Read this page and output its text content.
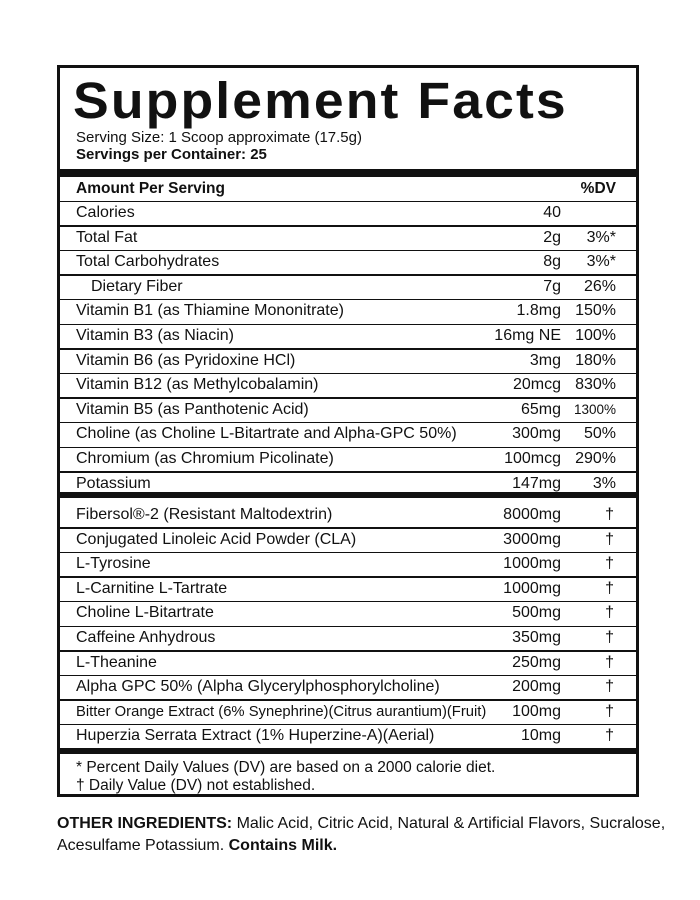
Supplement Facts
Serving Size: 1 Scoop approximate (17.5g)
Servings per Container: 25
Amount Per Serving	%DV
Calories	40
Total Fat	2g 3%*
Total Carbohydrates	8g 3%*
Dietary Fiber	7g 26%
Vitamin B1 (as Thiamine Mononitrate)	1.8mg 150%
Vitamin B3 (as Niacin)	16mg NE 100%
Vitamin B6 (as Pyridoxine HCl)	3mg 180%
Vitamin B12 (as Methylcobalamin)	20mcg 830%
Vitamin B5 (as Panthotenic Acid)	65mg 1300%
Choline (as Choline L-Bitartrate and Alpha-GPC 50%)	300mg 50%
Chromium (as Chromium Picolinate)	100mcg 290%
Potassium	147mg 3%
Fibersol®-2 (Resistant Maltodextrin)	8000mg	†
Conjugated Linoleic Acid Powder (CLA)	3000mg	†
L-Tyrosine	1000mg	†
L-Carnitine L-Tartrate	1000mg	†
Choline L-Bitartrate	500mg	†
Caffeine Anhydrous	350mg	†
L-Theanine	250mg	†
Alpha GPC 50% (Alpha Glycerylphosphorylcholine)	200mg	†
Bitter Orange Extract (6% Synephrine)(Citrus aurantium)(Fruit) 100mg	†
Huperzia Serrata Extract (1% Huperzine-A)(Aerial)	10mg	†
* Percent Daily Values (DV) are based on a 2000 calorie diet.
† Daily Value (DV) not established.
OTHER INGREDIENTS: Malic Acid, Citric Acid, Natural & Artificial Flavors, Sucralose, Acesulfame Potassium. Contains Milk.
